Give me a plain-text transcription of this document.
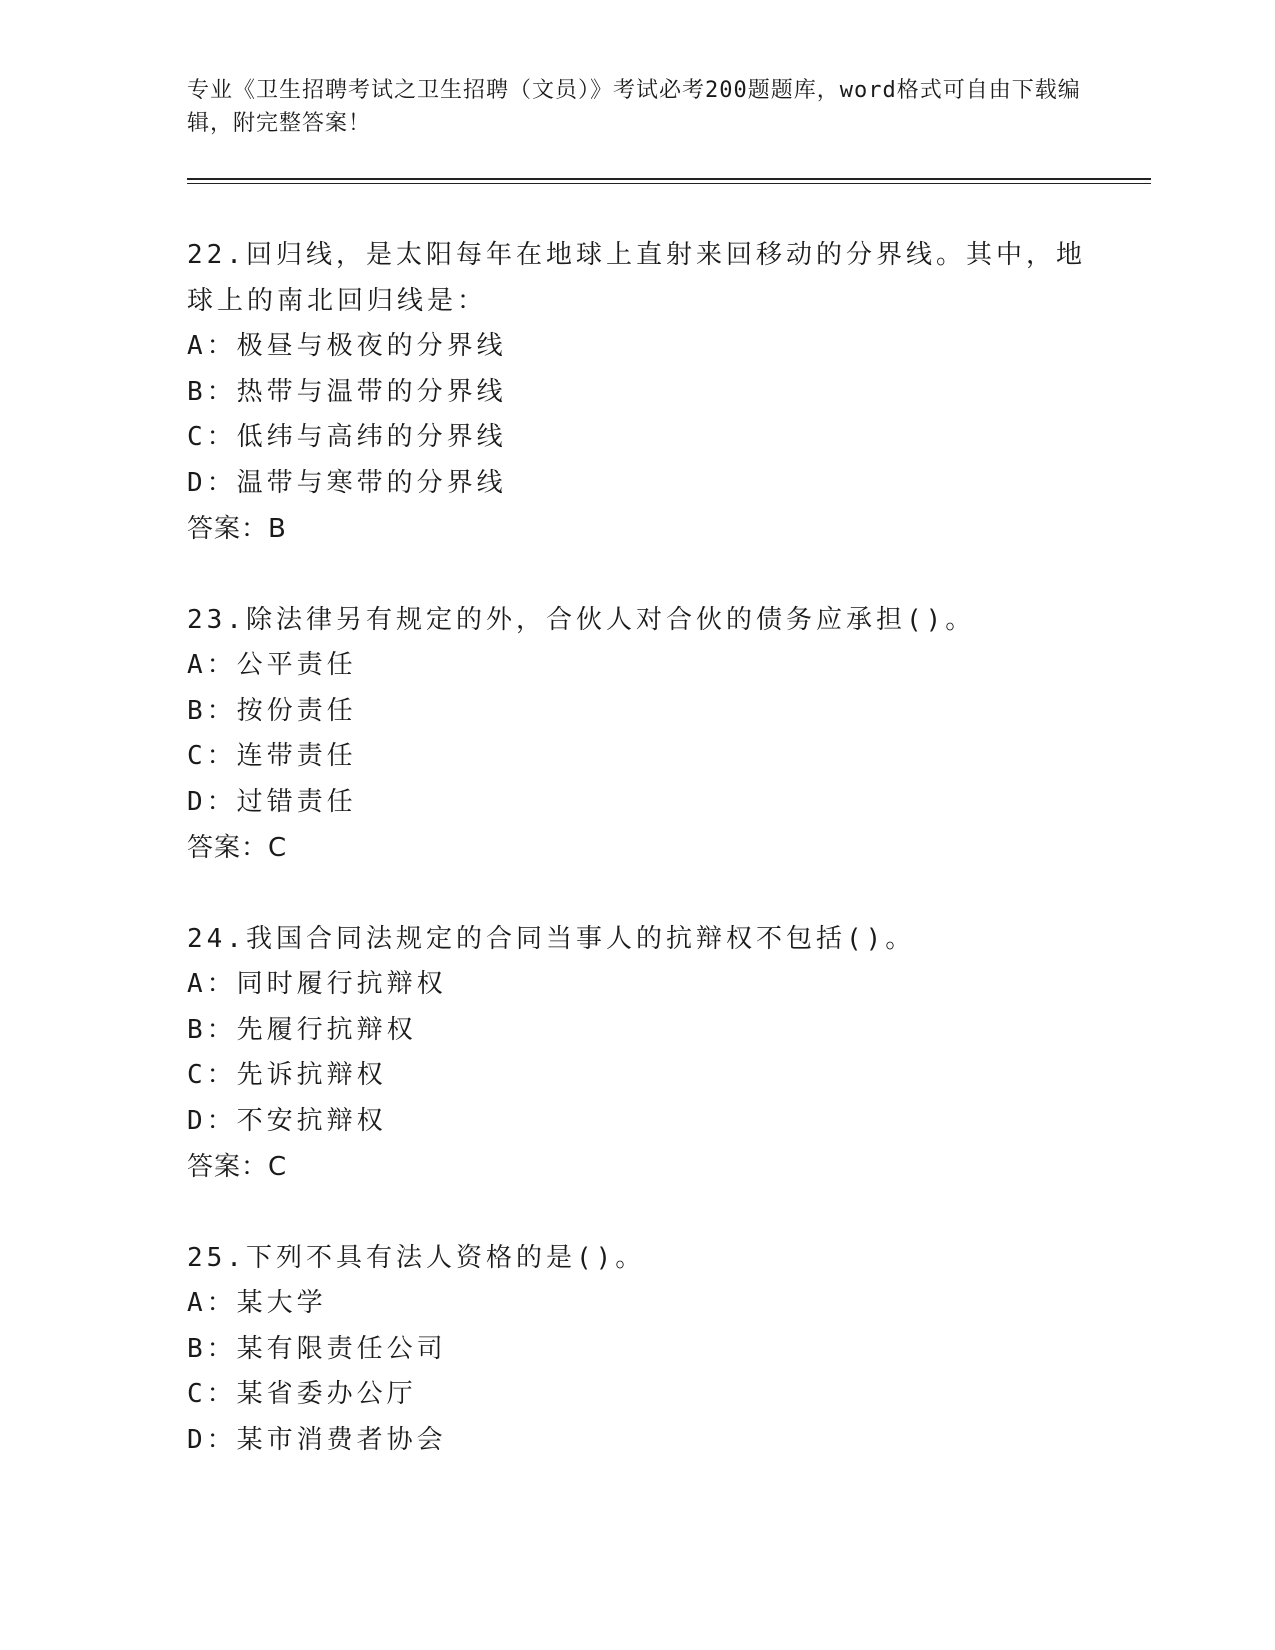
专业《卫生招聘考试之卫生招聘（文员）》考试必考200题题库，word格式可自由下载编辑，附完整答案！
22.回归线，是太阳每年在地球上直射来回移动的分界线。其中，地球上的南北回归线是：
A：极昼与极夜的分界线
B：热带与温带的分界线
C：低纬与高纬的分界线
D：温带与寒带的分界线
答案：B
23.除法律另有规定的外，合伙人对合伙的债务应承担()。
A：公平责任
B：按份责任
C：连带责任
D：过错责任
答案：C
24.我国合同法规定的合同当事人的抗辩权不包括()。
A：同时履行抗辩权
B：先履行抗辩权
C：先诉抗辩权
D：不安抗辩权
答案：C
25.下列不具有法人资格的是()。
A：某大学
B：某有限责任公司
C：某省委办公厅
D：某市消费者协会
